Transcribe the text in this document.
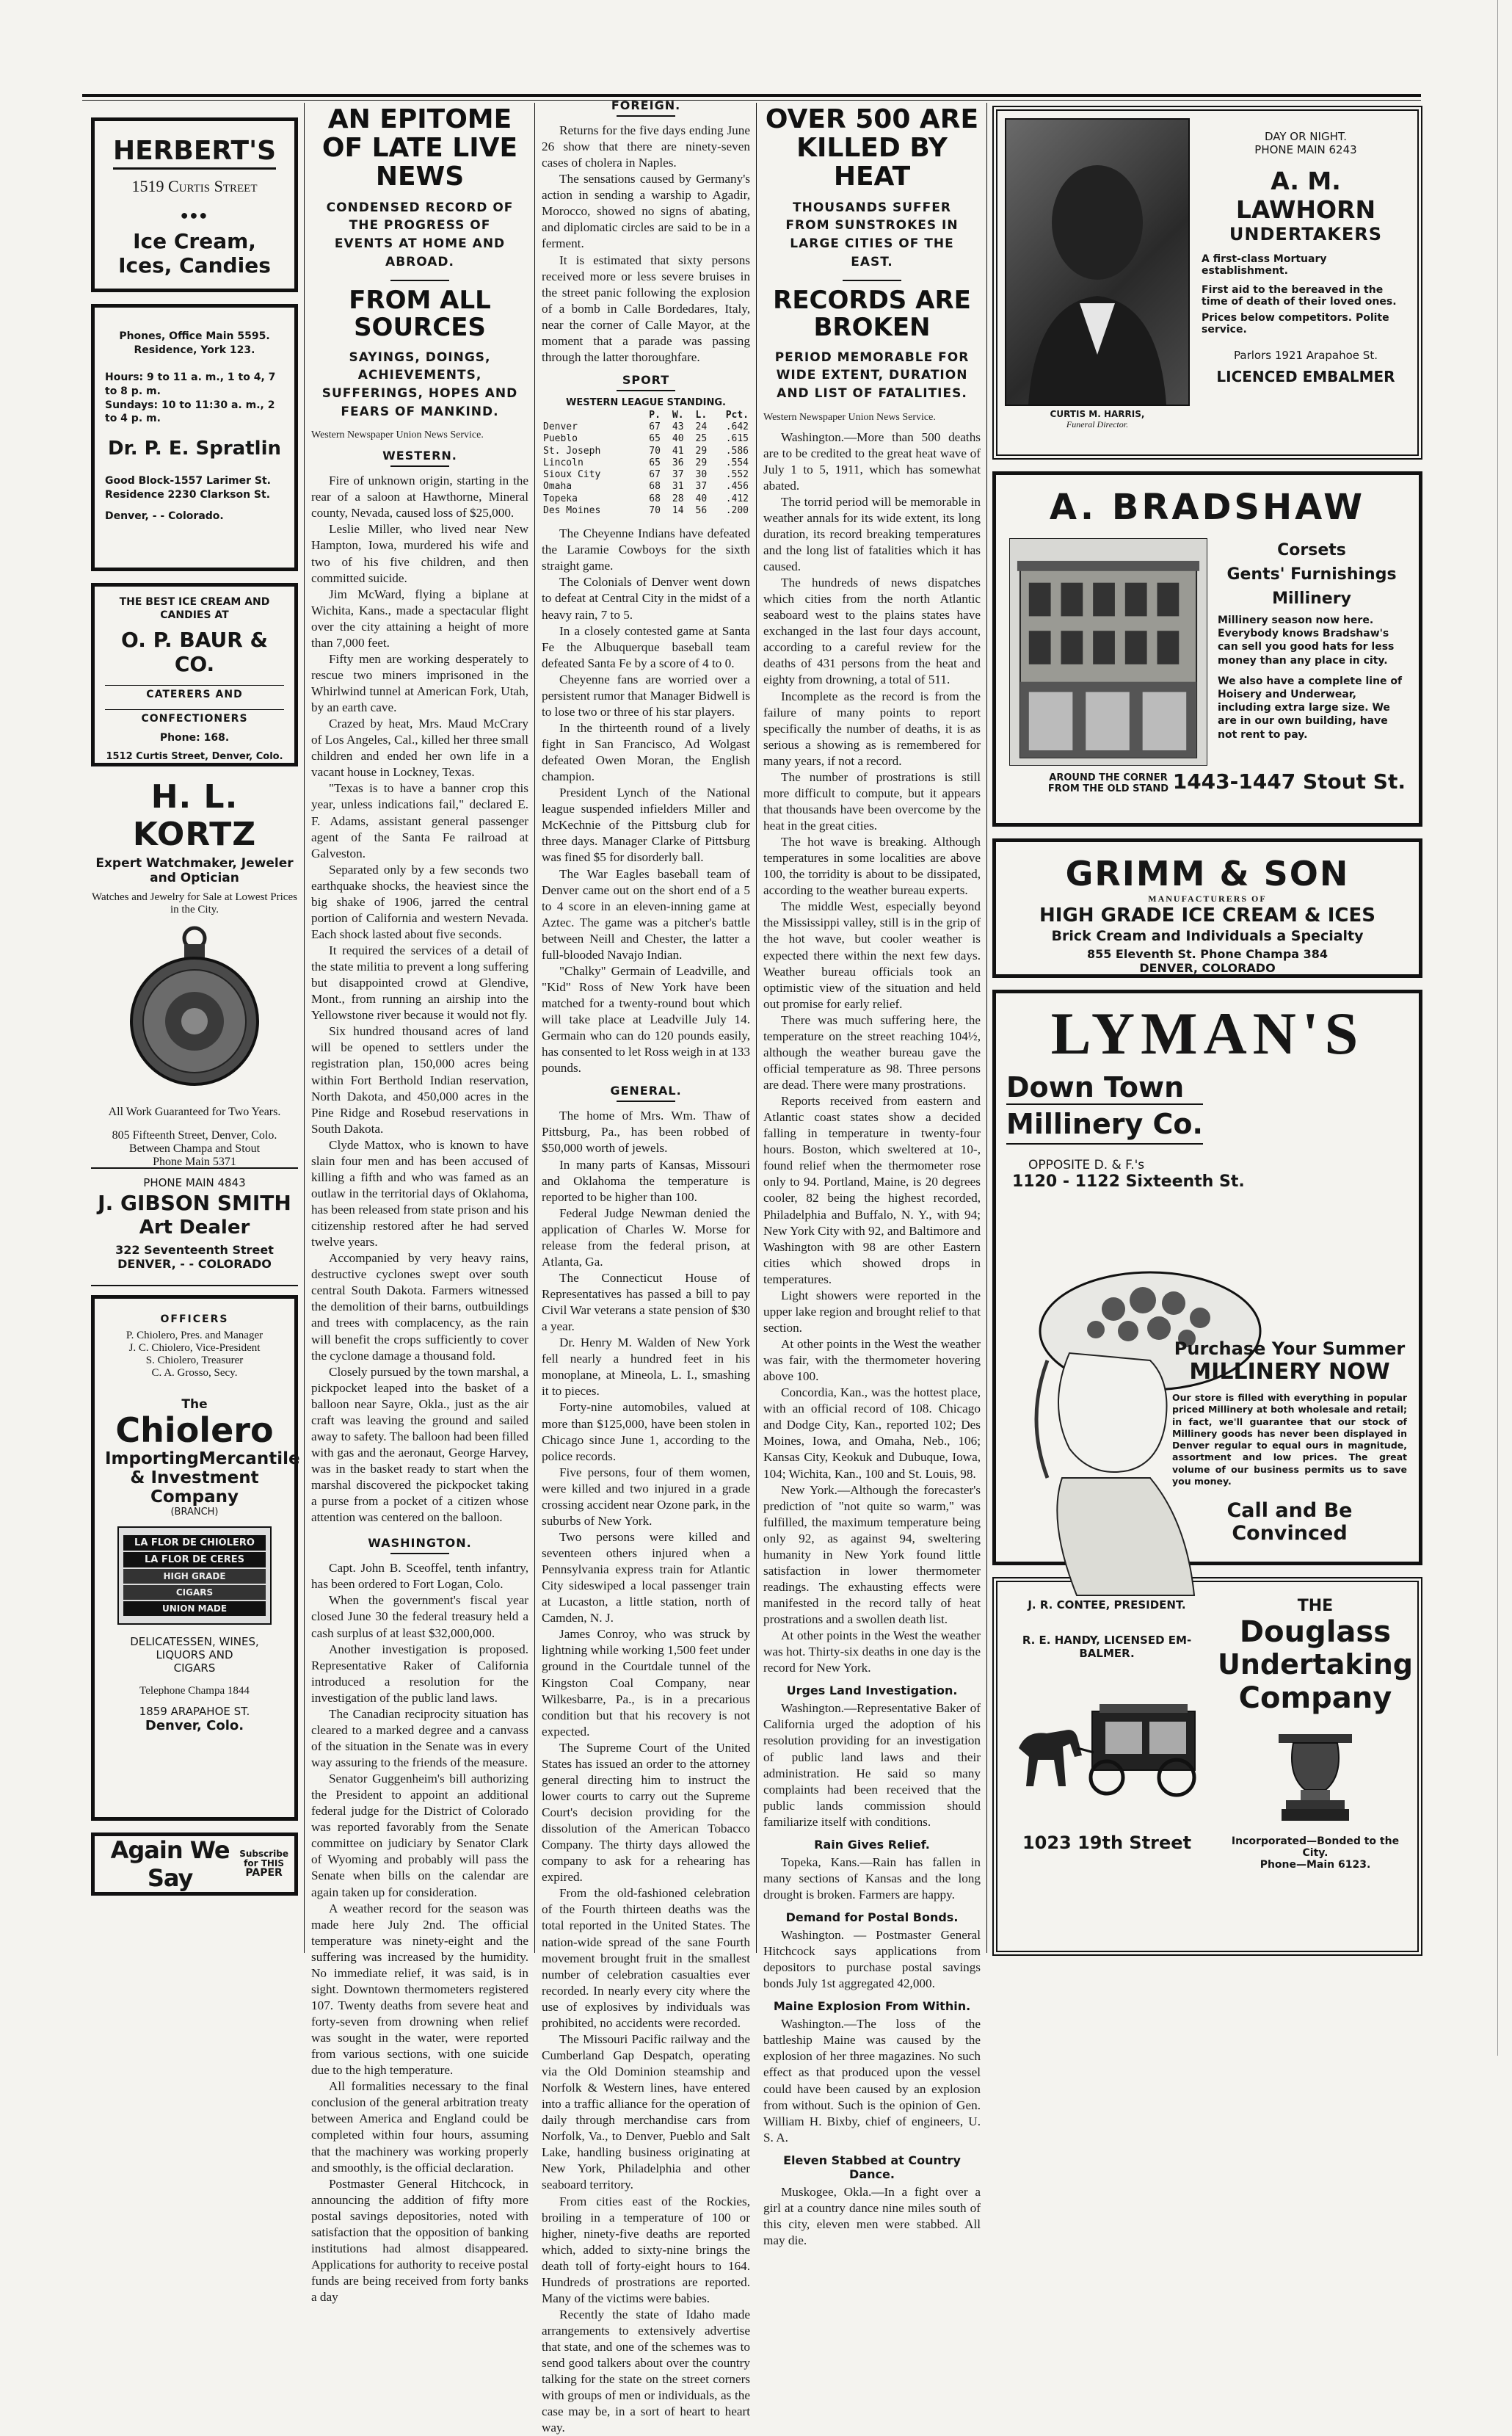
HERBERT'S
1519 Curtis Street
●●●
Ice Cream,
Ices, Candies
Phones, Office Main 5595.
Residence, York 123.
Hours: 9 to 11 a. m., 1 to 4, 7 to 8 p. m.
Sundays: 10 to 11:30 a. m., 2 to 4 p. m.
Dr. P. E. Spratlin
Good Block-1557 Larimer St.
Residence 2230 Clarkson St.
Denver, - - Colorado.
THE BEST ICE CREAM AND CANDIES AT
O. P. BAUR & CO.
CATERERS AND
CONFECTIONERS
Phone: 168.
1512 Curtis Street, Denver, Colo.
H. L. KORTZ
Expert Watchmaker, Jeweler
and Optician
Watches and Jewelry for Sale at Lowest Prices in the City.
All Work Guaranteed for Two Years.
805 Fifteenth Street, Denver, Colo.
Between Champa and Stout
Phone Main 5371
PHONE MAIN 4843
J. GIBSON SMITH
Art Dealer
322 Seventeenth Street
DENVER, - - COLORADO
OFFICERS
P. Chiolero, Pres. and Manager
J. C. Chiolero, Vice-President
S. Chiolero, Treasurer
C. A. Grosso, Secy.
The
Chiolero
ImportingMercantile
& Investment
Company
(BRANCH)
LA FLOR DE CHIOLERO
LA FLOR DE CERES
HIGH GRADE
CIGARS
UNION MADE
DELICATESSEN, WINES,
LIQUORS AND
CIGARS
Telephone Champa 1844
1859 ARAPAHOE ST.
Denver, Colo.
Again We Say
Subscribe
for THIS
PAPER
AN EPITOME OF LATE LIVE NEWS
CONDENSED RECORD OF THE PROGRESS OF EVENTS AT HOME AND ABROAD.
FROM ALL SOURCES
SAYINGS, DOINGS, ACHIEVEMENTS, SUFFERINGS, HOPES AND FEARS OF MANKIND.
Western Newspaper Union News Service.
WESTERN.

Fire of unknown origin, starting in the rear of a saloon at Hawthorne, Mineral county, Nevada, caused loss of $25,000.

Leslie Miller, who lived near New Hampton, Iowa, murdered his wife and two of his five children, and then committed suicide.

Jim McWard, flying a biplane at Wichita, Kans., made a spectacular flight over the city attaining a height of more than 7,000 feet.

Fifty men are working desperately to rescue two miners imprisoned in the Whirlwind tunnel at American Fork, Utah, by an earth cave.

Crazed by heat, Mrs. Maud McCrary of Los Angeles, Cal., killed her three small children and ended her own life in a vacant house in Lockney, Texas.

"Texas is to have a banner crop this year, unless indications fail," declared E. F. Adams, assistant general passenger agent of the Santa Fe railroad at Galveston.

Separated only by a few seconds two earthquake shocks, the heaviest since the big shake of 1906, jarred the central portion of California and western Nevada. Each shock lasted about five seconds.

It required the services of a detail of the state militia to prevent a long suffering but disappointed crowd at Glendive, Mont., from running an airship into the Yellowstone river because it would not fly.

Six hundred thousand acres of land will be opened to settlers under the registration plan, 150,000 acres being within Fort Berthold Indian reservation, North Dakota, and 450,000 acres in the Pine Ridge and Rosebud reservations in South Dakota.

Clyde Mattox, who is known to have slain four men and has been accused of killing a fifth and who was famed as an outlaw in the territorial days of Oklahoma, has been released from state prison and his citizenship restored after he had served twelve years.

Accompanied by very heavy rains, destructive cyclones swept over south central South Dakota. Farmers witnessed the demolition of their barns, outbuildings and trees with complacency, as the rain will benefit the crops sufficiently to cover the cyclone damage a thousand fold.

Closely pursued by the town marshal, a pickpocket leaped into the basket of a balloon near Sayre, Okla., just as the air craft was leaving the ground and sailed away to safety. The balloon had been filled with gas and the aeronaut, George Harvey, was in the basket ready to start when the marshal discovered the pickpocket taking a purse from a pocket of a citizen whose attention was centered on the balloon.

WASHINGTON.

Capt. John B. Sceoffel, tenth infantry, has been ordered to Fort Logan, Colo.

When the government's fiscal year closed June 30 the federal treasury held a cash surplus of at least $32,000,000.

Another investigation is proposed. Representative Raker of California introduced a resolution for the investigation of the public land laws.

The Canadian reciprocity situation has cleared to a marked degree and a canvass of the situation in the Senate was in every way assuring to the friends of the measure.

Senator Guggenheim's bill authorizing the President to appoint an additional federal judge for the District of Colorado was reported favorably from the Senate committee on judiciary by Senator Clark of Wyoming and probably will pass the Senate when bills on the calendar are again taken up for consideration.

A weather record for the season was made here July 2nd. The official temperature was ninety-eight and the suffering was increased by the humidity. No immediate relief, it was said, is in sight. Downtown thermometers registered 107. Twenty deaths from severe heat and forty-seven from drowning when relief was sought in the water, were reported from various sections, with one suicide due to the high temperature.

All formalities necessary to the final conclusion of the general arbitration treaty between America and England could be completed within four hours, assuming that the machinery was working properly and smoothly, is the official declaration.

Postmaster General Hitchcock, in announcing the addition of fifty more postal savings depositories, noted with satisfaction that the opposition of banking institutions had almost disappeared. Applications for authority to receive postal funds are being received from forty banks a day

FOREIGN.

Returns for the five days ending June 26 show that there are ninety-seven cases of cholera in Naples.

The sensations caused by Germany's action in sending a warship to Agadir, Morocco, showed no signs of abating, and diplomatic circles are said to be in a ferment.

It is estimated that sixty persons received more or less severe bruises in the street panic following the explosion of a bomb in Calle Bordedares, Italy, near the corner of Calle Mayor, at the moment that a parade was passing through the latter thoroughfare.

SPORT
WESTERN LEAGUE STANDING.
	P.	W.	L.	Pct.
Denver	67	43	24	.642
Pueblo	65	40	25	.615
St. Joseph	70	41	29	.586
Lincoln	65	36	29	.554
Sioux City	67	37	30	.552
Omaha	68	31	37	.456
Topeka	68	28	40	.412
Des Moines	70	14	56	.200

The Cheyenne Indians have defeated the Laramie Cowboys for the sixth straight game.

The Colonials of Denver went down to defeat at Central City in the midst of a heavy rain, 7 to 5.

In a closely contested game at Santa Fe the Albuquerque baseball team defeated Santa Fe by a score of 4 to 0.

Cheyenne fans are worried over a persistent rumor that Manager Bidwell is to lose two or three of his star players.

In the thirteenth round of a lively fight in San Francisco, Ad Wolgast defeated Owen Moran, the English champion.

President Lynch of the National league suspended infielders Miller and McKechnie of the Pittsburg club for three days. Manager Clarke of Pittsburg was fined $5 for disorderly ball.

The War Eagles baseball team of Denver came out on the short end of a 5 to 4 score in an eleven-inning game at Aztec. The game was a pitcher's battle between Neill and Chester, the latter a full-blooded Navajo Indian.

"Chalky" Germain of Leadville, and "Kid" Ross of New York have been matched for a twenty-round bout which will take place at Leadville July 14. Germain who can do 120 pounds easily, has consented to let Ross weigh in at 133 pounds.

GENERAL.

The home of Mrs. Wm. Thaw of Pittsburg, Pa., has been robbed of $50,000 worth of jewels.

In many parts of Kansas, Missouri and Oklahoma the temperature is reported to be higher than 100.

Federal Judge Newman denied the application of Charles W. Morse for release from the federal prison, at Atlanta, Ga.

The Connecticut House of Representatives has passed a bill to pay Civil War veterans a state pension of $30 a year.

Dr. Henry M. Walden of New York fell nearly a hundred feet in his monoplane, at Mineola, L. I., smashing it to pieces.

Forty-nine automobiles, valued at more than $125,000, have been stolen in Chicago since June 1, according to the police records.

Five persons, four of them women, were killed and two injured in a grade crossing accident near Ozone park, in the suburbs of New York.

Two persons were killed and seventeen others injured when a Pennsylvania express train for Atlantic City sideswiped a local passenger train at Lucaston, a little station, north of Camden, N. J.

James Conroy, who was struck by lightning while working 1,500 feet under ground in the Courtdale tunnel of the Kingston Coal Company, near Wilkesbarre, Pa., is in a precarious condition but that his recovery is not expected.

The Supreme Court of the United States has issued an order to the attorney general directing him to instruct the lower courts to carry out the Supreme Court's decision providing for the dissolution of the American Tobacco Company. The thirty days allowed the company to ask for a rehearing has expired.

From the old-fashioned celebration of the Fourth thirteen deaths was the total reported in the United States. The nation-wide spread of the sane Fourth movement brought fruit in the smallest number of celebration casualties ever recorded. In nearly every city where the use of explosives by individuals was prohibited, no accidents were recorded.

The Missouri Pacific railway and the Cumberland Gap Despatch, operating via the Old Dominion steamship and Norfolk & Western lines, have entered into a traffic alliance for the operation of daily through merchandise cars from Norfolk, Va., to Denver, Pueblo and Salt Lake, handling business originating at New York, Philadelphia and other seaboard territory.

From cities east of the Rockies, broiling in a temperature of 100 or higher, ninety-five deaths are reported which, added to sixty-nine brings the death toll of forty-eight hours to 164. Hundreds of prostrations are reported. Many of the victims were babies.

Recently the state of Idaho made arrangements to extensively advertise that state, and one of the schemes was to send good talkers about over the country talking for the state on the street corners with groups of men or individuals, as the case may be, in a sort of heart to heart way.

OVER 500 ARE KILLED BY HEAT
THOUSANDS SUFFER FROM SUNSTROKES IN LARGE CITIES OF THE EAST.
RECORDS ARE BROKEN
PERIOD MEMORABLE FOR WIDE EXTENT, DURATION AND LIST OF FATALITIES.
Western Newspaper Union News Service.

Washington.—More than 500 deaths are to be credited to the great heat wave of July 1 to 5, 1911, which has somewhat abated.

The torrid period will be memorable in weather annals for its wide extent, its long duration, its record breaking temperatures and the long list of fatalities which it has caused.

The hundreds of news dispatches which cities from the north Atlantic seaboard west to the plains states have exchanged in the last four days account, according to a careful review for the deaths of 431 persons from the heat and eighty from drowning, a total of 511.

Incomplete as the record is from the failure of many points to report specifically the number of deaths, it is as serious a showing as is remembered for many years, if not a record.

The number of prostrations is still more difficult to compute, but it appears that thousands have been overcome by the heat in the great cities.

The hot wave is breaking. Although temperatures in some localities are above 100, the torridity is about to be dissipated, according to the weather bureau experts.

The middle West, especially beyond the Mississippi valley, still is in the grip of the hot wave, but cooler weather is expected there within the next few days. Weather bureau officials took an optimistic view of the situation and held out promise for early relief.

There was much suffering here, the temperature on the street reaching 104½, although the weather bureau gave the official temperature as 98. Three persons are dead. There were many prostrations.

Reports received from eastern and Atlantic coast states show a decided falling in temperature in twenty-four hours. Boston, which sweltered at 10-, found relief when the thermometer rose only to 94. Portland, Maine, is 20 degrees cooler, 82 being the highest recorded, Philadelphia and Buffalo, N. Y., with 94; New York City with 92, and Baltimore and Washington with 98 are other Eastern cities which showed drops in temperatures.

Light showers were reported in the upper lake region and brought relief to that section.

At other points in the West the weather was fair, with the thermometer hovering above 100.

Concordia, Kan., was the hottest place, with an official record of 108. Chicago and Dodge City, Kan., reported 102; Des Moines, Iowa, and Omaha, Neb., 106; Kansas City, Keokuk and Dubuque, Iowa, 104; Wichita, Kan., 100 and St. Louis, 98.

New York.—Although the forecaster's prediction of "not quite so warm," was fulfilled, the maximum temperature being only 92, as against 94, sweltering humanity in New York found little satisfaction in lower thermometer readings. The exhausting effects were manifested in the record tally of heat prostrations and a swollen death list.

At other points in the West the weather was hot. Thirty-six deaths in one day is the record for New York.

Urges Land Investigation.

Washington.—Representative Baker of California urged the adoption of his resolution providing for an investigation of public land laws and their administration. He said so many complaints had been received that the public lands commission should familiarize itself with conditions.

Rain Gives Relief.

Topeka, Kans.—Rain has fallen in many sections of Kansas and the long drought is broken. Farmers are happy.

Demand for Postal Bonds.

Washington. — Postmaster General Hitchcock says applications from depositors to purchase postal savings bonds July 1st aggregated 42,000.

Maine Explosion From Within.

Washington.—The loss of the battleship Maine was caused by the explosion of her three magazines. No such effect as that produced upon the vessel could have been caused by an explosion from without. Such is the opinion of Gen. William H. Bixby, chief of engineers, U. S. A.

Eleven Stabbed at Country Dance.

Muskogee, Okla.—In a fight over a girl at a country dance nine miles south of this city, eleven men were stabbed. All may die.

CURTIS M. HARRIS,
Funeral Director.
DAY OR NIGHT.
PHONE MAIN 6243
A. M. LAWHORN
UNDERTAKERS
A first-class Mortuary establishment.
First aid to the bereaved in the time of death of their loved ones.
Prices below competitors. Polite service.
Parlors 1921 Arapahoe St.
LICENCED EMBALMER
A. BRADSHAW
AROUND THE CORNER
FROM THE OLD STAND
Corsets
Gents' Furnishings
Millinery
Millinery season now here. Everybody knows Bradshaw's can sell you good hats for less money than any place in city.
We also have a complete line of Hoisery and Underwear, including extra large size. We are in our own building, have not rent to pay.
1443-1447 Stout St.
GRIMM & SON
MANUFACTURERS OF
HIGH GRADE ICE CREAM & ICES
Brick Cream and Individuals a Specialty
855 Eleventh St. Phone Champa 384
DENVER, COLORADO
LYMAN'S
Down Town
Millinery Co.
OPPOSITE D. & F.'s
1120 - 1122 Sixteenth St.
Purchase Your Summer
MILLINERY NOW
Our store is filled with everything in popular priced Millinery at both wholesale and retail; in fact, we'll guarantee that our stock of Millinery goods has never been displayed in Denver regular to equal ours in magnitude, assortment and low prices. The great volume of our business permits us to save you money.
Call and Be Convinced
J. R. CONTEE, PRESIDENT.
R. E. HANDY, LICENSED EM-
BALMER.
1023 19th Street
THE
Douglass
Undertaking
Company
Incorporated—Bonded to the City.
Phone—Main 6123.
